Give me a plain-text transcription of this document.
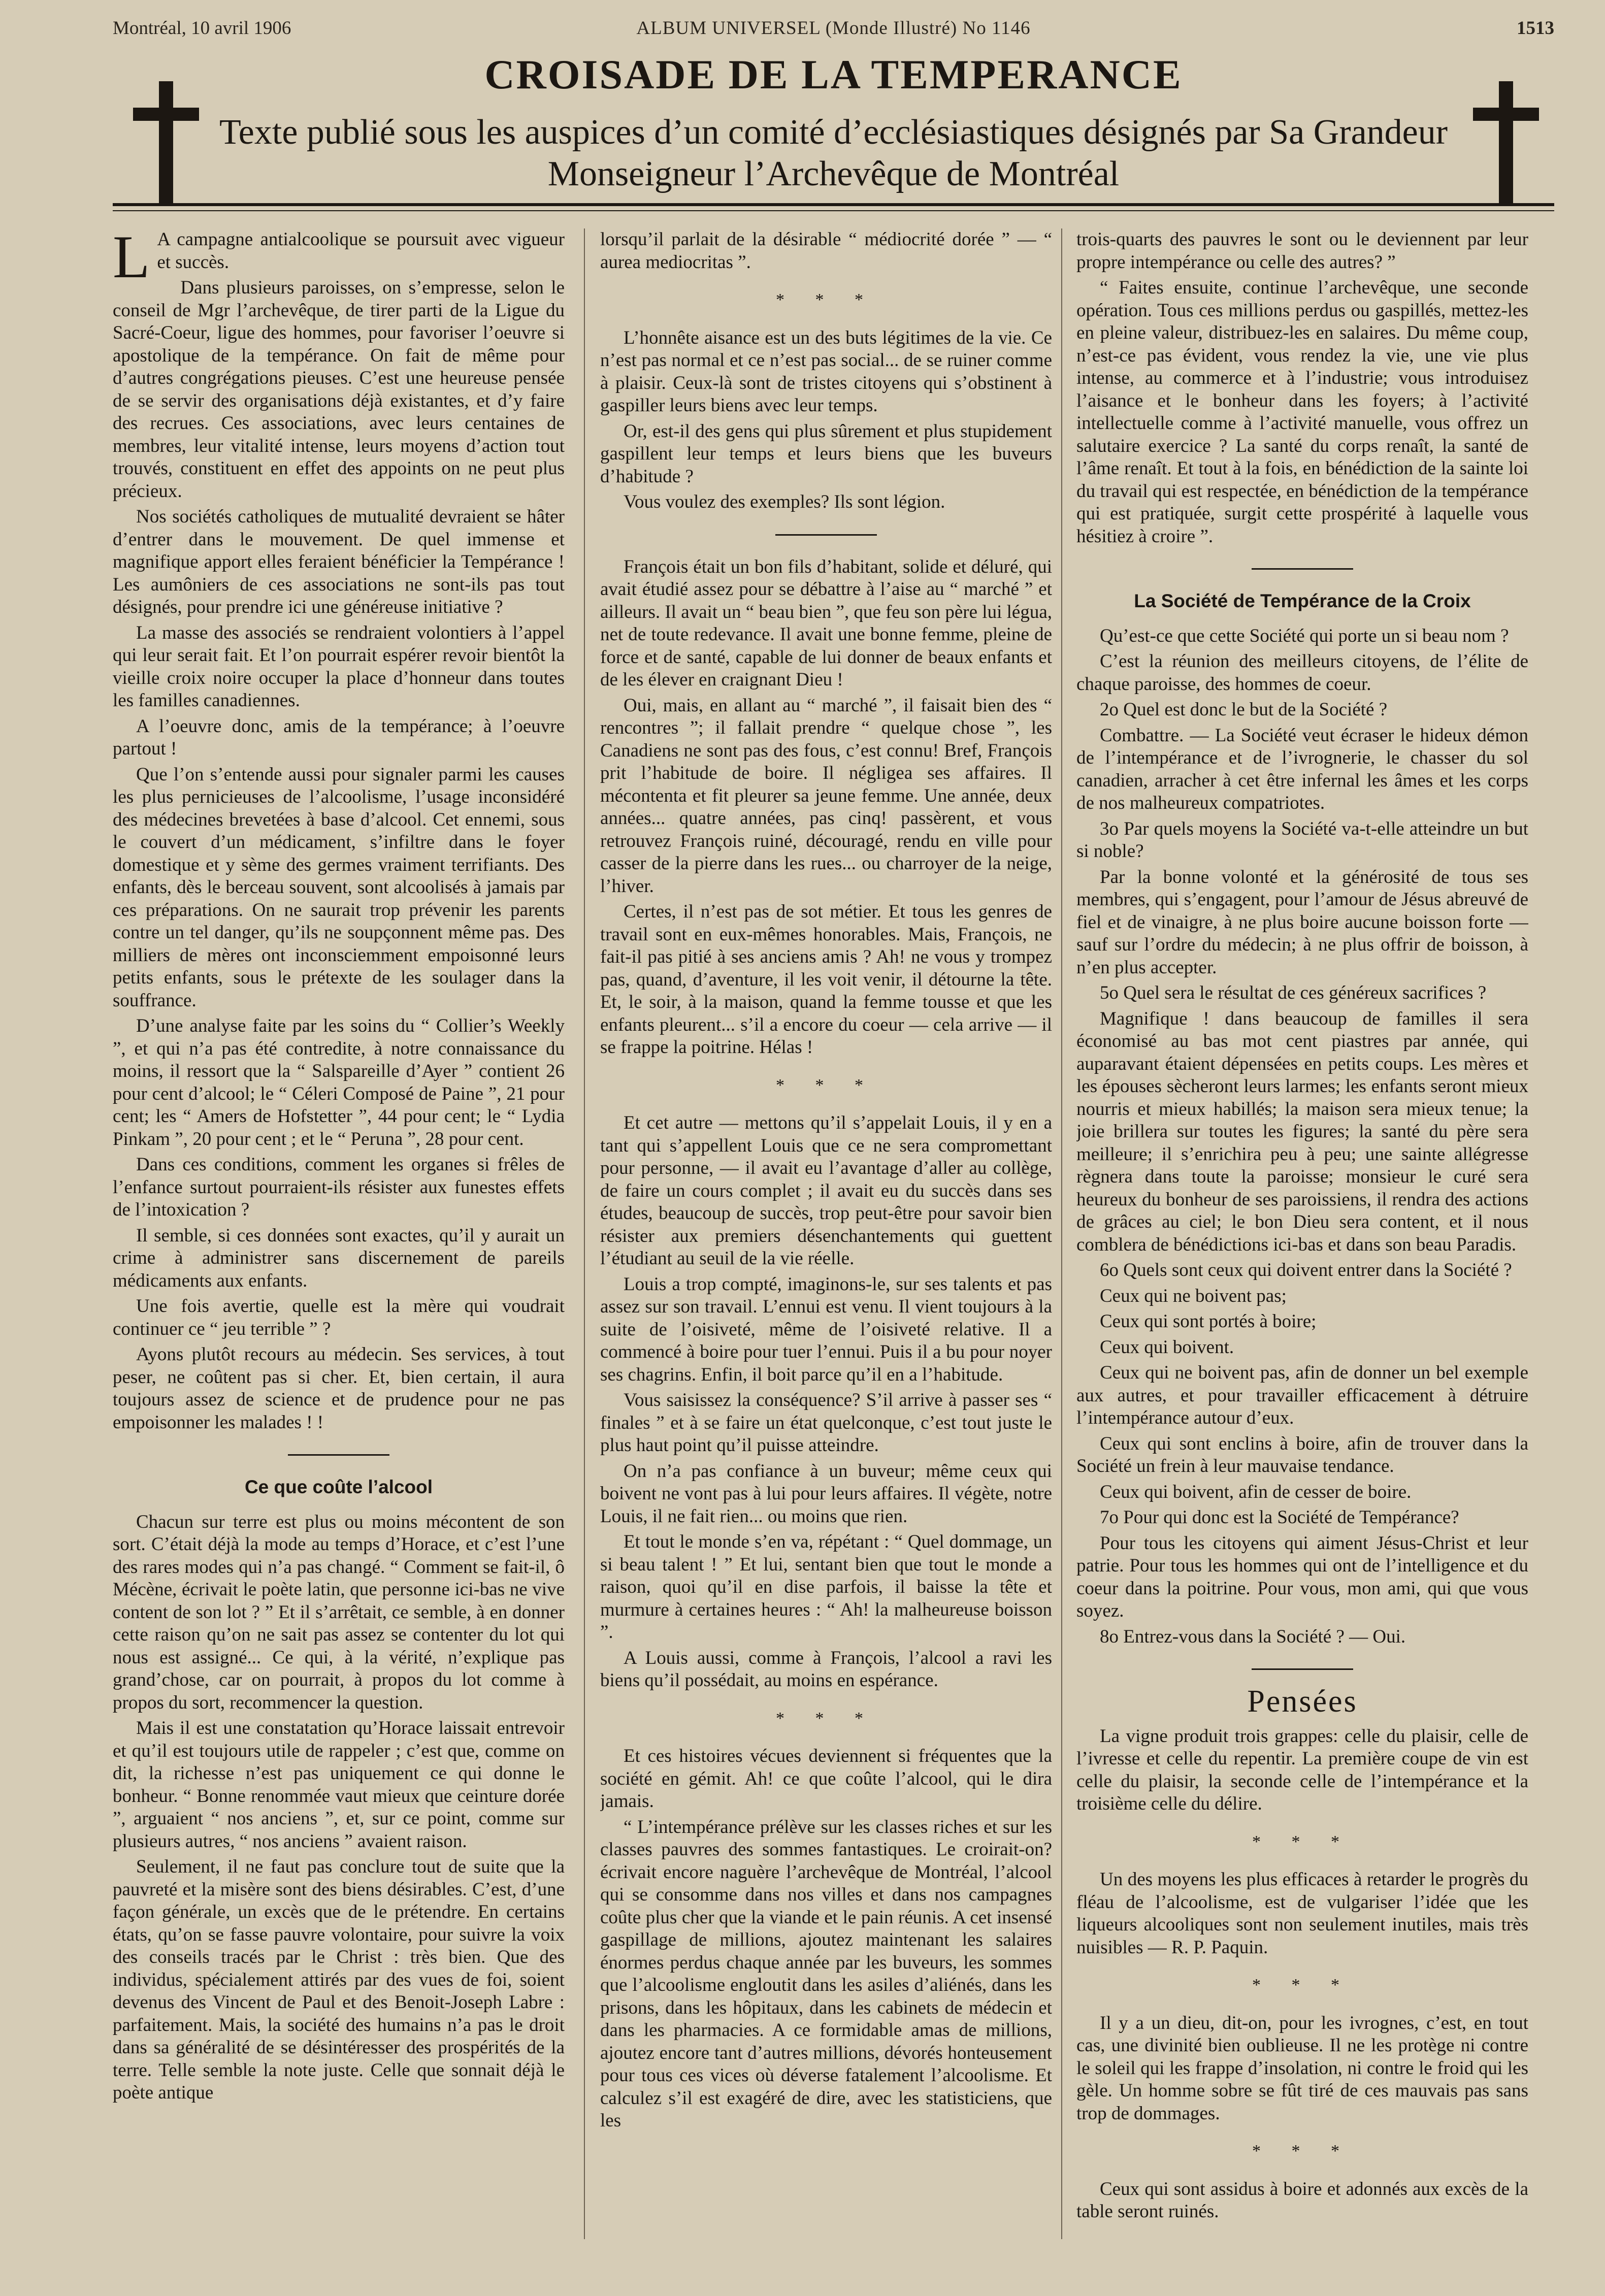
Montréal, 10 avril 1906	ALBUM UNIVERSEL (Monde Illustré) No 1146	1513
CROISADE DE LA TEMPERANCE
Texte publié sous les auspices d’un comité d’ecclésiastiques désignés par Sa Grandeur
Monseigneur l’Archevêque de Montréal

L A campagne antialcoolique se poursuit avec vigueur et succès.

Dans plusieurs paroisses, on s’empresse, selon le conseil de Mgr l’archevêque, de tirer parti de la Ligue du Sacré-Coeur, ligue des hommes, pour favoriser l’oeuvre si apostolique de la tempérance. On fait de même pour d’autres congrégations pieuses. C’est une heureuse pensée de se servir des organisations déjà existantes, et d’y faire des recrues. Ces associations, avec leurs centaines de membres, leur vitalité intense, leurs moyens d’action tout trouvés, constituent en effet des appoints on ne peut plus précieux.

Nos sociétés catholiques de mutualité devraient se hâter d’entrer dans le mouvement. De quel immense et magnifique apport elles feraient bénéficier la Tempérance ! Les aumôniers de ces associations ne sont-ils pas tout désignés, pour prendre ici une généreuse initiative ?

La masse des associés se rendraient volontiers à l’appel qui leur serait fait. Et l’on pourrait espérer revoir bientôt la vieille croix noire occuper la place d’honneur dans toutes les familles canadiennes.

A l’oeuvre donc, amis de la tempérance; à l’oeuvre partout !

Que l’on s’entende aussi pour signaler parmi les causes les plus pernicieuses de l’alcoolisme, l’usage inconsidéré des médecines brevetées à base d’alcool. Cet ennemi, sous le couvert d’un médicament, s’infiltre dans le foyer domestique et y sème des germes vraiment terrifiants. Des enfants, dès le berceau souvent, sont alcoolisés à jamais par ces préparations. On ne saurait trop prévenir les parents contre un tel danger, qu’ils ne soupçonnent même pas. Des milliers de mères ont inconsciemment empoisonné leurs petits enfants, sous le prétexte de les soulager dans la souffrance.

D’une analyse faite par les soins du “ Collier’s Weekly ”, et qui n’a pas été contredite, à notre connaissance du moins, il ressort que la “ Salspareille d’Ayer ” contient 26 pour cent d’alcool; le “ Céleri Composé de Paine ”, 21 pour cent; les “ Amers de Hofstetter ”, 44 pour cent; le “ Lydia Pinkam ”, 20 pour cent ; et le “ Peruna ”, 28 pour cent.

Dans ces conditions, comment les organes si frêles de l’enfance surtout pourraient-ils résister aux funestes effets de l’intoxication ?

Il semble, si ces données sont exactes, qu’il y aurait un crime à administrer sans discernement de pareils médicaments aux enfants.

Une fois avertie, quelle est la mère qui voudrait continuer ce “ jeu terrible ” ?

Ayons plutôt recours au médecin. Ses services, à tout peser, ne coûtent pas si cher. Et, bien certain, il aura toujours assez de science et de prudence pour ne pas empoisonner les malades ! !

Ce que coûte l’alcool

Chacun sur terre est plus ou moins mécontent de son sort. C’était déjà la mode au temps d’Horace, et c’est l’une des rares modes qui n’a pas changé. “ Comment se fait-il, ô Mécène, écrivait le poète latin, que personne ici-bas ne vive content de son lot ? ” Et il s’arrêtait, ce semble, à en donner cette raison qu’on ne sait pas assez se contenter du lot qui nous est assigné... Ce qui, à la vérité, n’explique pas grand’chose, car on pourrait, à propos du lot comme à propos du sort, recommencer la question.

Mais il est une constatation qu’Horace laissait entrevoir et qu’il est toujours utile de rappeler ; c’est que, comme on dit, la richesse n’est pas uniquement ce qui donne le bonheur. “ Bonne renommée vaut mieux que ceinture dorée ”, arguaient “ nos anciens ”, et, sur ce point, comme sur plusieurs autres, “ nos anciens ” avaient raison.

Seulement, il ne faut pas conclure tout de suite que la pauvreté et la misère sont des biens désirables. C’est, d’une façon générale, un excès que de le prétendre. En certains états, qu’on se fasse pauvre volontaire, pour suivre la voix des conseils tracés par le Christ : très bien. Que des individus, spécialement attirés par des vues de foi, soient devenus des Vincent de Paul et des Benoit-Joseph Labre : parfaitement. Mais, la société des humains n’a pas le droit dans sa généralité de se désintéresser des prospérités de la terre. Telle semble la note juste. Celle que sonnait déjà le poète antique

lorsqu’il parlait de la désirable “ médiocrité dorée ” — “ aurea mediocritas ”.

* * *

L’honnête aisance est un des buts légitimes de la vie. Ce n’est pas normal et ce n’est pas social... de se ruiner comme à plaisir. Ceux-là sont de tristes citoyens qui s’obstinent à gaspiller leurs biens avec leur temps.

Or, est-il des gens qui plus sûrement et plus stupidement gaspillent leur temps et leurs biens que les buveurs d’habitude ?

Vous voulez des exemples? Ils sont légion.

François était un bon fils d’habitant, solide et déluré, qui avait étudié assez pour se débattre à l’aise au “ marché ” et ailleurs. Il avait un “ beau bien ”, que feu son père lui légua, net de toute redevance. Il avait une bonne femme, pleine de force et de santé, capable de lui donner de beaux enfants et de les élever en craignant Dieu !

Oui, mais, en allant au “ marché ”, il faisait bien des “ rencontres ”; il fallait prendre “ quelque chose ”, les Canadiens ne sont pas des fous, c’est connu! Bref, François prit l’habitude de boire. Il négligea ses affaires. Il mécontenta et fit pleurer sa jeune femme. Une année, deux années... quatre années, pas cinq! passèrent, et vous retrouvez François ruiné, découragé, rendu en ville pour casser de la pierre dans les rues... ou charroyer de la neige, l’hiver.

Certes, il n’est pas de sot métier. Et tous les genres de travail sont en eux-mêmes honorables. Mais, François, ne fait-il pas pitié à ses anciens amis ? Ah! ne vous y trompez pas, quand, d’aventure, il les voit venir, il détourne la tête. Et, le soir, à la maison, quand la femme tousse et que les enfants pleurent... s’il a encore du coeur — cela arrive — il se frappe la poitrine. Hélas !

* * *

Et cet autre — mettons qu’il s’appelait Louis, il y en a tant qui s’appellent Louis que ce ne sera compromettant pour personne, — il avait eu l’avantage d’aller au collège, de faire un cours complet ; il avait eu du succès dans ses études, beaucoup de succès, trop peut-être pour savoir bien résister aux premiers désenchantements qui guettent l’étudiant au seuil de la vie réelle.

Louis a trop compté, imaginons-le, sur ses talents et pas assez sur son travail. L’ennui est venu. Il vient toujours à la suite de l’oisiveté, même de l’oisiveté relative. Il a commencé à boire pour tuer l’ennui. Puis il a bu pour noyer ses chagrins. Enfin, il boit parce qu’il en a l’habitude.

Vous saisissez la conséquence? S’il arrive à passer ses “ finales ” et à se faire un état quelconque, c’est tout juste le plus haut point qu’il puisse atteindre.

On n’a pas confiance à un buveur; même ceux qui boivent ne vont pas à lui pour leurs affaires. Il végète, notre Louis, il ne fait rien... ou moins que rien.

Et tout le monde s’en va, répétant : “ Quel dommage, un si beau talent ! ” Et lui, sentant bien que tout le monde a raison, quoi qu’il en dise parfois, il baisse la tête et murmure à certaines heures : “ Ah! la malheureuse boisson ”.

A Louis aussi, comme à François, l’alcool a ravi les biens qu’il possédait, au moins en espérance.

* * *

Et ces histoires vécues deviennent si fréquentes que la société en gémit. Ah! ce que coûte l’alcool, qui le dira jamais.

“ L’intempérance prélève sur les classes riches et sur les classes pauvres des sommes fantastiques. Le croirait-on? écrivait encore naguère l’archevêque de Montréal, l’alcool qui se consomme dans nos villes et dans nos campagnes coûte plus cher que la viande et le pain réunis. A cet insensé gaspillage de millions, ajoutez maintenant les salaires énormes perdus chaque année par les buveurs, les sommes que l’alcoolisme engloutit dans les asiles d’aliénés, dans les prisons, dans les hôpitaux, dans les cabinets de médecin et dans les pharmacies. A ce formidable amas de millions, ajoutez encore tant d’autres millions, dévorés honteusement pour tous ces vices où déverse fatalement l’alcoolisme. Et calculez s’il est exagéré de dire, avec les statisticiens, que les

trois-quarts des pauvres le sont ou le deviennent par leur propre intempérance ou celle des autres? ”

“ Faites ensuite, continue l’archevêque, une seconde opération. Tous ces millions perdus ou gaspillés, mettez-les en pleine valeur, distribuez-les en salaires. Du même coup, n’est-ce pas évident, vous rendez la vie, une vie plus intense, au commerce et à l’industrie; vous introduisez l’aisance et le bonheur dans les foyers; à l’activité intellectuelle comme à l’activité manuelle, vous offrez un salutaire exercice ? La santé du corps renaît, la santé de l’âme renaît. Et tout à la fois, en bénédiction de la sainte loi du travail qui est respectée, en bénédiction de la tempérance qui est pratiquée, surgit cette prospérité à laquelle vous hésitiez à croire ”.

La Société de Tempérance de la Croix

Qu’est-ce que cette Société qui porte un si beau nom ?

C’est la réunion des meilleurs citoyens, de l’élite de chaque paroisse, des hommes de coeur.

2o Quel est donc le but de la Société ?

Combattre. — La Société veut écraser le hideux démon de l’intempérance et de l’ivrognerie, le chasser du sol canadien, arracher à cet être infernal les âmes et les corps de nos malheureux compatriotes.

3o Par quels moyens la Société va-t-elle atteindre un but si noble?

Par la bonne volonté et la générosité de tous ses membres, qui s’engagent, pour l’amour de Jésus abreuvé de fiel et de vinaigre, à ne plus boire aucune boisson forte — sauf sur l’ordre du médecin; à ne plus offrir de boisson, à n’en plus accepter.

5o Quel sera le résultat de ces généreux sacrifices ?

Magnifique ! dans beaucoup de familles il sera économisé au bas mot cent piastres par année, qui auparavant étaient dépensées en petits coups. Les mères et les épouses sècheront leurs larmes; les enfants seront mieux nourris et mieux habillés; la maison sera mieux tenue; la joie brillera sur toutes les figures; la santé du père sera meilleure; il s’enrichira peu à peu; une sainte allégresse règnera dans toute la paroisse; monsieur le curé sera heureux du bonheur de ses paroissiens, il rendra des actions de grâces au ciel; le bon Dieu sera content, et il nous comblera de bénédictions ici-bas et dans son beau Paradis.

6o Quels sont ceux qui doivent entrer dans la Société ?

Ceux qui ne boivent pas;

Ceux qui sont portés à boire;

Ceux qui boivent.

Ceux qui ne boivent pas, afin de donner un bel exemple aux autres, et pour travailler efficacement à détruire l’intempérance autour d’eux.

Ceux qui sont enclins à boire, afin de trouver dans la Société un frein à leur mauvaise tendance.

Ceux qui boivent, afin de cesser de boire.

7o Pour qui donc est la Société de Tempérance?

Pour tous les citoyens qui aiment Jésus-Christ et leur patrie. Pour tous les hommes qui ont de l’intelligence et du coeur dans la poitrine. Pour vous, mon ami, qui que vous soyez.

8o Entrez-vous dans la Société ? — Oui.

Pensées

La vigne produit trois grappes: celle du plaisir, celle de l’ivresse et celle du repentir. La première coupe de vin est celle du plaisir, la seconde celle de l’intempérance et la troisième celle du délire.

* * *

Un des moyens les plus efficaces à retarder le progrès du fléau de l’alcoolisme, est de vulgariser l’idée que les liqueurs alcooliques sont non seulement inutiles, mais très nuisibles — R. P. Paquin.

* * *

Il y a un dieu, dit-on, pour les ivrognes, c’est, en tout cas, une divinité bien oublieuse. Il ne les protège ni contre le soleil qui les frappe d’insolation, ni contre le froid qui les gèle. Un homme sobre se fût tiré de ces mauvais pas sans trop de dommages.

* * *

Ceux qui sont assidus à boire et adonnés aux excès de la table seront ruinés.
